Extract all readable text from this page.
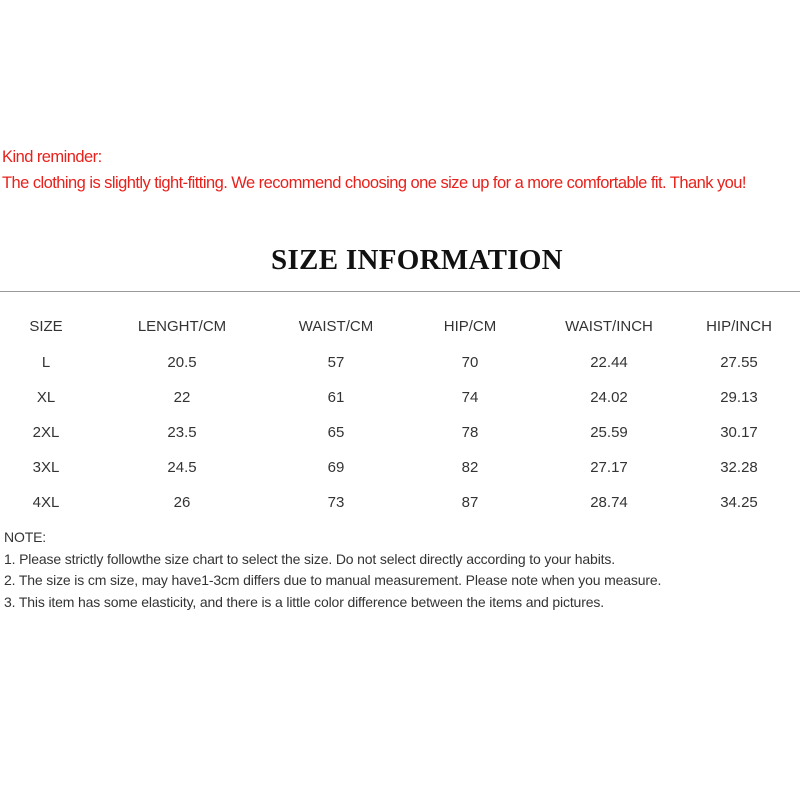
Kind reminder:
The clothing is slightly tight-fitting. We recommend choosing one size up for a more comfortable fit. Thank you!
SIZE INFORMATION
SIZE	LENGHT/CM	WAIST/CM	HIP/CM	WAIST/INCH	HIP/INCH
L	20.5	57	70	22.44	27.55
XL	22	61	74	24.02	29.13
2XL	23.5	65	78	25.59	30.17
3XL	24.5	69	82	27.17	32.28
4XL	26	73	87	28.74	34.25
NOTE:
1. Please strictly followthe size chart to select the size. Do not select directly according to your habits.
2. The size is cm size, may have1-3cm differs due to manual measurement. Please note when you measure.
3. This item has some elasticity, and there is a little color difference between the items and pictures.
